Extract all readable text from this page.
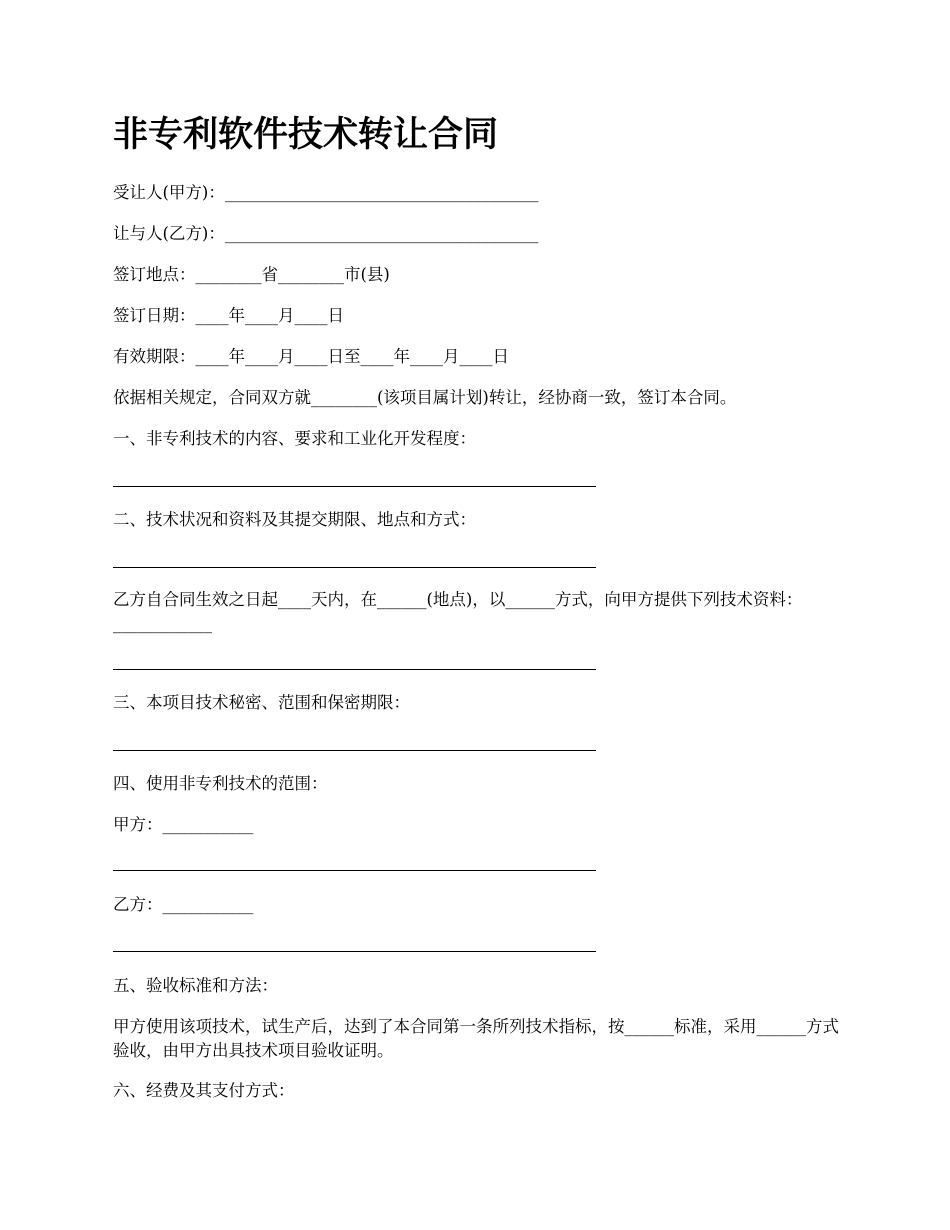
非专利软件技术转让合同

受让人(甲方)：______________________________________

让与人(乙方)：______________________________________

签订地点：________省________市(县)

签订日期：____年____月____日

有效期限：____年____月____日至____年____月____日

依据相关规定，合同双方就________(该项目属计划)转让，经协商一致，签订本合同。

一、非专利技术的内容、要求和工业化开发程度：

二、技术状况和资料及其提交期限、地点和方式：

乙方自合同生效之日起____天内，在______(地点)，以______方式，向甲方提供下列技术资料：____________

三、本项目技术秘密、范围和保密期限：

四、使用非专利技术的范围：

甲方：___________

乙方：___________

五、验收标准和方法：

甲方使用该项技术，试生产后，达到了本合同第一条所列技术指标，按______标准，采用______方式验收，由甲方出具技术项目验收证明。

六、经费及其支付方式：
